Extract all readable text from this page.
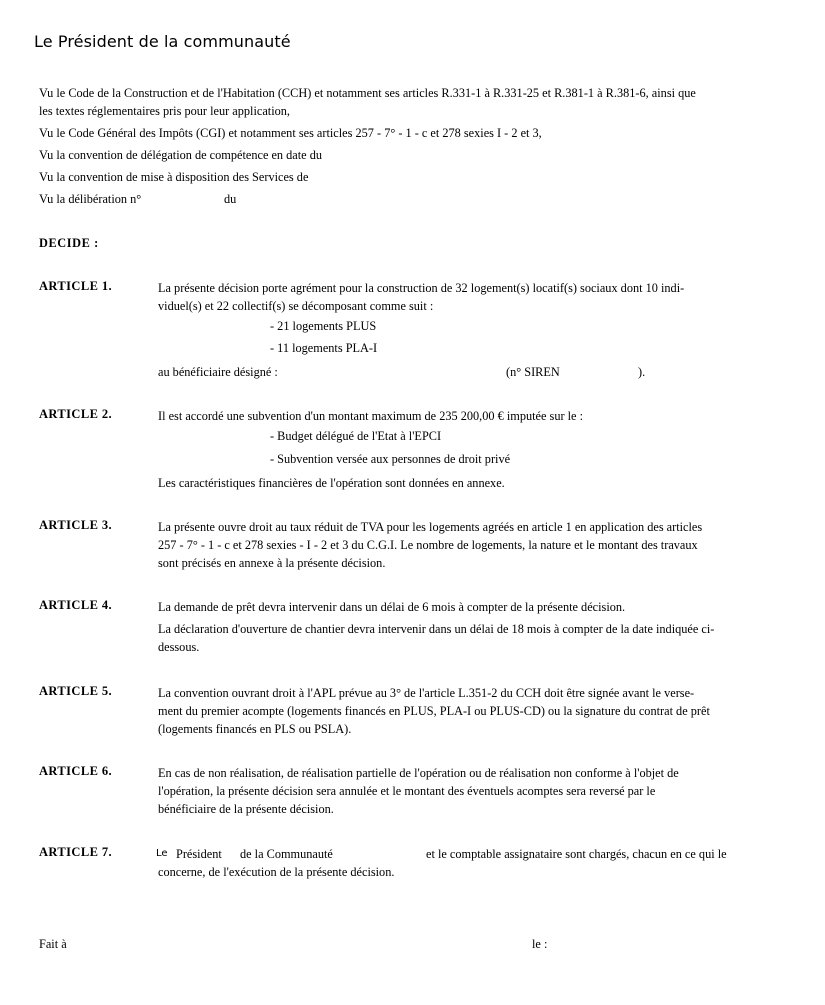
Le Président de la communauté
Vu le Code de la Construction et de l'Habitation (CCH) et notamment ses articles R.331-1 à R.331-25 et R.381-1 à R.381-6, ainsi que
les textes réglementaires pris pour leur application,
Vu le Code Général des Impôts (CGI) et notamment ses articles 257 - 7° - 1 - c et 278 sexies I - 2 et 3,
Vu la convention de délégation de compétence en date du
Vu la convention de mise à disposition des Services de
Vu la délibération n°	du
DECIDE :
ARTICLE 1.	La présente décision porte agrément pour la construction de 32 logement(s) locatif(s) sociaux dont 10 indi-
viduel(s) et 22 collectif(s) se décomposant comme suit :
- 21 logements PLUS
- 11 logements PLA-I
au bénéficiaire désigné :	(n° SIREN	).
ARTICLE 2.	Il est accordé une subvention d'un montant maximum de 235 200,00 € imputée sur le :
- Budget délégué de l'Etat à l'EPCI
- Subvention versée aux personnes de droit privé
Les caractéristiques financières de l'opération sont données en annexe.
ARTICLE 3.	La présente ouvre droit au taux réduit de TVA pour les logements agréés en article 1 en application des articles
257 - 7° - 1 - c et 278 sexies - I - 2 et 3 du C.G.I. Le nombre de logements, la nature et le montant des travaux
sont précisés en annexe à la présente décision.
ARTICLE 4.	La demande de prêt devra intervenir dans un délai de 6 mois à compter de la présente décision.
La déclaration d'ouverture de chantier devra intervenir dans un délai de 18 mois à compter de la date indiquée ci-
dessous.
ARTICLE 5.	La convention ouvrant droit à l'APL prévue au 3° de l'article L.351-2 du CCH doit être signée avant le verse-
ment du premier acompte (logements financés en PLUS, PLA-I ou PLUS-CD) ou la signature du contrat de prêt
(logements financés en PLS ou PSLA).
ARTICLE 6.	En cas de non réalisation, de réalisation partielle de l'opération ou de réalisation non conforme à l'objet de
l'opération, la présente décision sera annulée et le montant des éventuels acomptes sera reversé par le
bénéficiaire de la présente décision.
ARTICLE 7.	Le Président de la Communauté	et le comptable assignataire sont chargés, chacun en ce qui le
concerne, de l'exécution de la présente décision.
Fait à	le :
